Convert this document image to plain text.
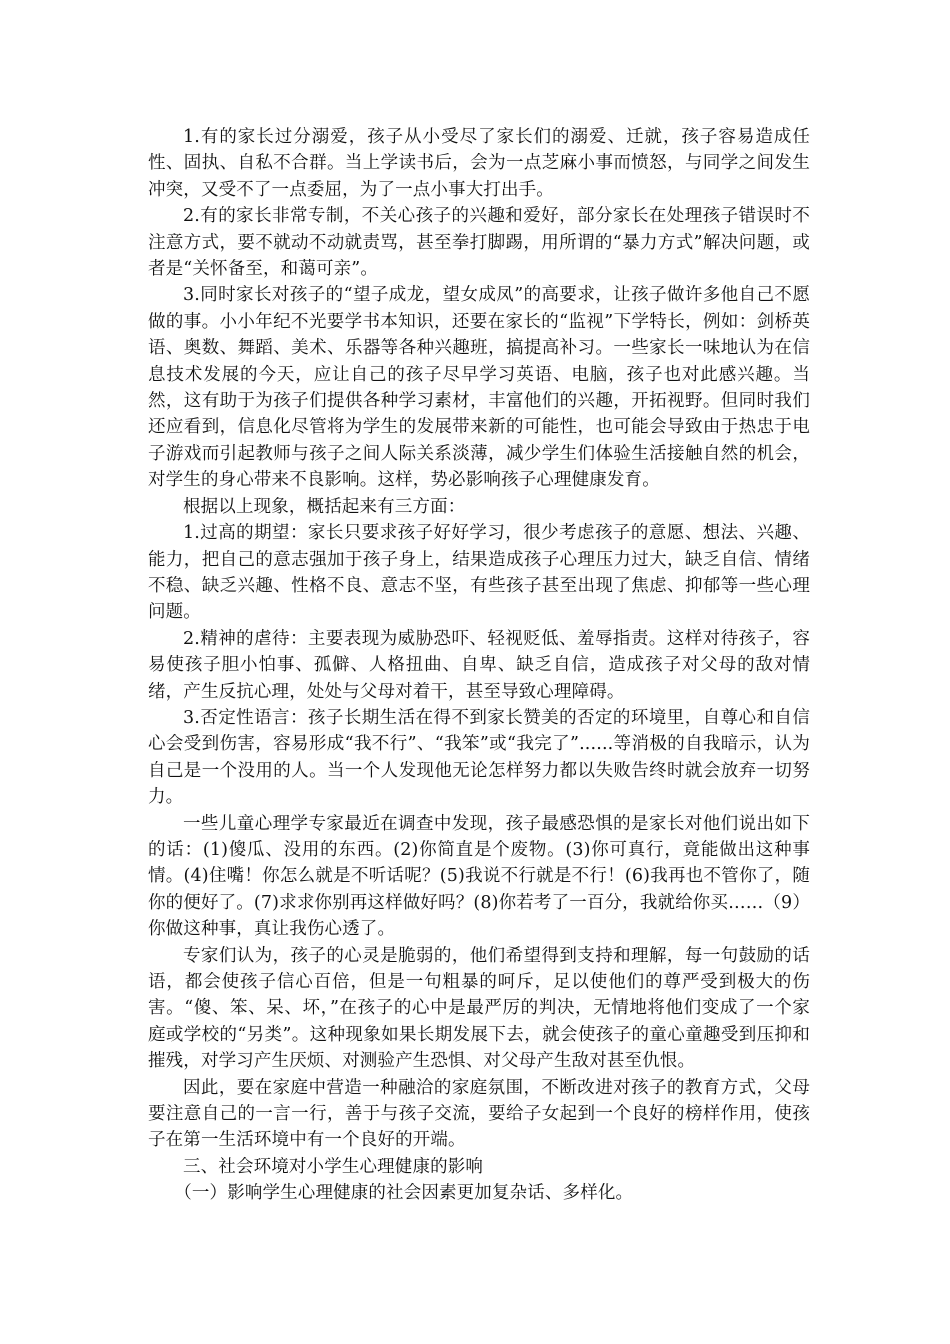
1.有的家长过分溺爱，孩子从小受尽了家长们的溺爱、迁就，孩子容易造成任性、固执、自私不合群。当上学读书后，会为一点芝麻小事而愤怒，与同学之间发生冲突，又受不了一点委屈，为了一点小事大打出手。

2.有的家长非常专制，不关心孩子的兴趣和爱好，部分家长在处理孩子错误时不注意方式，要不就动不动就责骂，甚至拳打脚踢，用所谓的“暴力方式”解决问题，或者是“关怀备至，和蔼可亲”。

3.同时家长对孩子的“望子成龙，望女成凤”的高要求，让孩子做许多他自己不愿做的事。小小年纪不光要学书本知识，还要在家长的“监视”下学特长，例如：剑桥英语、奥数、舞蹈、美术、乐器等各种兴趣班，搞提高补习。一些家长一味地认为在信息技术发展的今天，应让自己的孩子尽早学习英语、电脑，孩子也对此感兴趣。当然，这有助于为孩子们提供各种学习素材，丰富他们的兴趣，开拓视野。但同时我们还应看到，信息化尽管将为学生的发展带来新的可能性，也可能会导致由于热忠于电子游戏而引起教师与孩子之间人际关系淡薄，减少学生们体验生活接触自然的机会，对学生的身心带来不良影响。这样，势必影响孩子心理健康发育。

根据以上现象，概括起来有三方面：

1.过高的期望：家长只要求孩子好好学习，很少考虑孩子的意愿、想法、兴趣、能力，把自己的意志强加于孩子身上，结果造成孩子心理压力过大，缺乏自信、情绪不稳、缺乏兴趣、性格不良、意志不坚，有些孩子甚至出现了焦虑、抑郁等一些心理问题。

2.精神的虐待：主要表现为威胁恐吓、轻视贬低、羞辱指责。这样对待孩子，容易使孩子胆小怕事、孤僻、人格扭曲、自卑、缺乏自信，造成孩子对父母的敌对情绪，产生反抗心理，处处与父母对着干，甚至导致心理障碍。

3.否定性语言：孩子长期生活在得不到家长赞美的否定的环境里，自尊心和自信心会受到伤害，容易形成“我不行”、“我笨”或“我完了”......等消极的自我暗示，认为自己是一个没用的人。当一个人发现他无论怎样努力都以失败告终时就会放弃一切努力。

一些儿童心理学专家最近在调查中发现，孩子最感恐惧的是家长对他们说出如下的话：(1)傻瓜、没用的东西。(2)你简直是个废物。(3)你可真行，竟能做出这种事情。(4)住嘴！你怎么就是不听话呢？(5)我说不行就是不行！(6)我再也不管你了，随你的便好了。(7)求求你别再这样做好吗？(8)你若考了一百分，我就给你买……（9）你做这种事，真让我伤心透了。

专家们认为，孩子的心灵是脆弱的，他们希望得到支持和理解，每一句鼓励的话语，都会使孩子信心百倍，但是一句粗暴的呵斥，足以使他们的尊严受到极大的伤害。“傻、笨、呆、坏，”在孩子的心中是最严厉的判决，无情地将他们变成了一个家庭或学校的“另类”。这种现象如果长期发展下去，就会使孩子的童心童趣受到压抑和摧残，对学习产生厌烦、对测验产生恐惧、对父母产生敌对甚至仇恨。

因此，要在家庭中营造一种融洽的家庭氛围，不断改进对孩子的教育方式，父母要注意自己的一言一行，善于与孩子交流，要给子女起到一个良好的榜样作用，使孩子在第一生活环境中有一个良好的开端。

三、社会环境对小学生心理健康的影响

（一）影响学生心理健康的社会因素更加复杂话、多样化。
